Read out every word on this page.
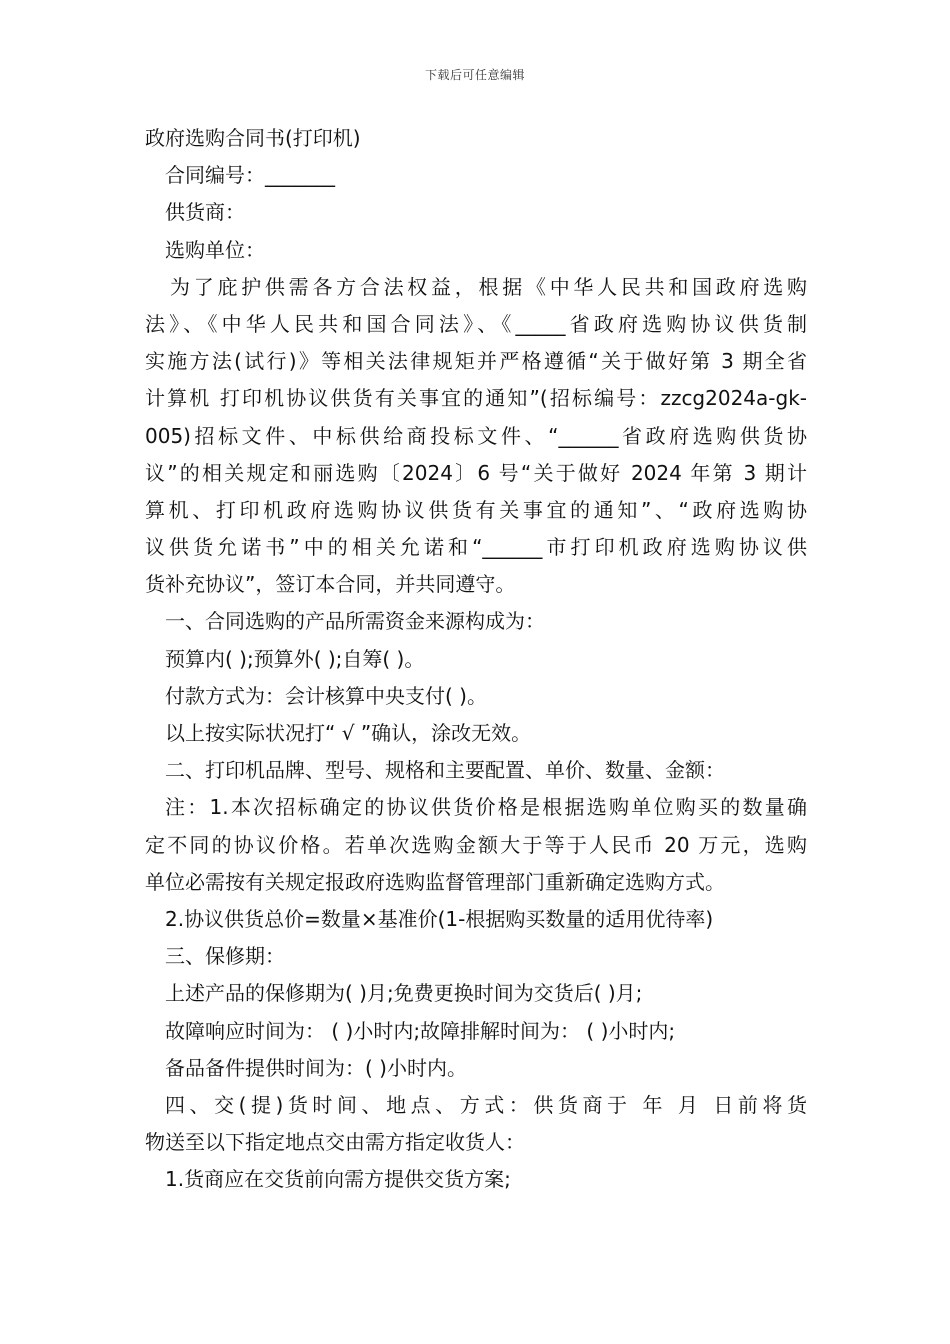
下载后可任意编辑
政府选购合同书(打印机)
合同编号：_______
供货商：
选购单位：
为了庇护供需各方合法权益，根据《中华人民共和国政府选购
法》、《中华人民共和国合同法》、《_____省政府选购协议供货制
实施方法(试行)》等相关法律规矩并严格遵循“关于做好第 3 期全省
计算机 打印机协议供货有关事宜的通知”(招标编号：zzcg2024a-gk-
005)招标文件、中标供给商投标文件、“______省政府选购供货协
议”的相关规定和丽选购〔2024〕6 号“关于做好 2024 年第 3 期计
算机、打印机政府选购协议供货有关事宜的通知”、“政府选购协
议供货允诺书”中的相关允诺和“______市打印机政府选购协议供
货补充协议”，签订本合同，并共同遵守。
一、合同选购的产品所需资金来源构成为：
预算内( );预算外( );自筹( )。
付款方式为：会计核算中央支付( )。
以上按实际状况打“ √ ”确认，涂改无效。
二、打印机品牌、型号、规格和主要配置、单价、数量、金额：
注：1.本次招标确定的协议供货价格是根据选购单位购买的数量确
定不同的协议价格。若单次选购金额大于等于人民币 20 万元，选购
单位必需按有关规定报政府选购监督管理部门重新确定选购方式。
2.协议供货总价=数量×基准价(1-根据购买数量的适用优待率)
三、保修期：
上述产品的保修期为( )月;免费更换时间为交货后( )月;
故障响应时间为： ( )小时内;故障排解时间为： ( )小时内;
备品备件提供时间为：( )小时内。
四、交(提)货时间、地点、方式：供货商于 年 月 日前将货
物送至以下指定地点交由需方指定收货人：
1.货商应在交货前向需方提供交货方案;
